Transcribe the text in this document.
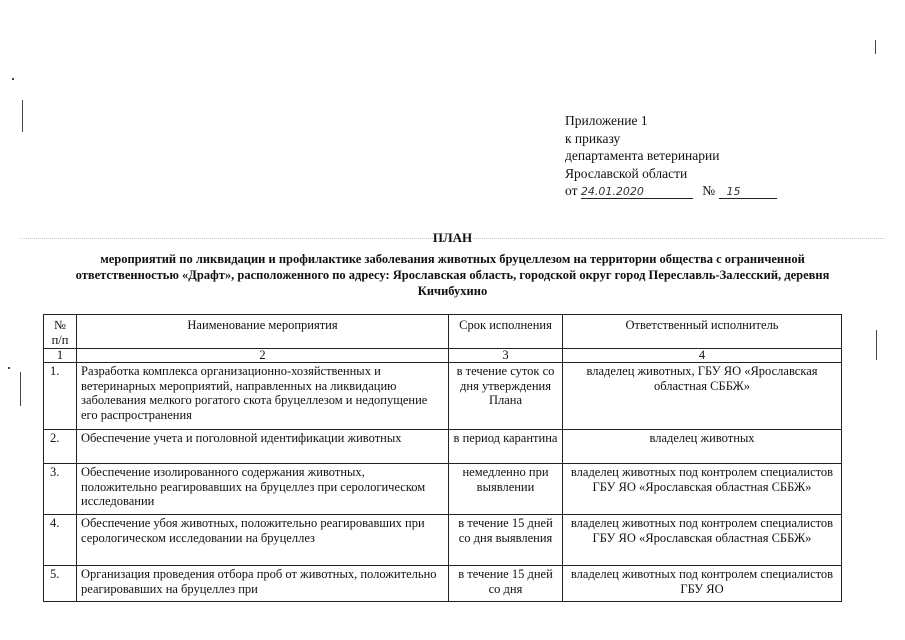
Приложение 1
к приказу
департамента ветеринарии
Ярославской области
от 24.01.2020	№ 15
ПЛАН
мероприятий по ликвидации и профилактике заболевания животных бруцеллезом на территории общества с ограниченной ответственностью «Драфт», расположенного по адресу: Ярославская область, городской округ город Переславль-Залесский, деревня Кичибухино
№ п/п	Наименование мероприятия	Срок исполнения	Ответственный исполнитель
1	2	3	4
1.	Разработка комплекса организационно-хозяйственных и ветеринарных мероприятий, направленных на ликвидацию заболевания мелкого рогатого скота бруцеллезом и недопущение его распространения	в течение суток со дня утверждения Плана	владелец животных, ГБУ ЯО «Ярославская областная СББЖ»
2.	Обеспечение учета и поголовной идентификации животных	в период карантина	владелец животных
3.	Обеспечение изолированного содержания животных, положительно реагировавших на бруцеллез при серологическом исследовании	немедленно при выявлении	владелец животных под контролем специалистов ГБУ ЯО «Ярославская областная СББЖ»
4.	Обеспечение убоя животных, положительно реагировавших при серологическом исследовании на бруцеллез	в течение 15 дней со дня выявления	владелец животных под контролем специалистов ГБУ ЯО «Ярославская областная СББЖ»
5.	Организация проведения отбора проб от животных, положительно реагировавших на бруцеллез при	в течение 15 дней со дня	владелец животных под контролем специалистов ГБУ ЯО
